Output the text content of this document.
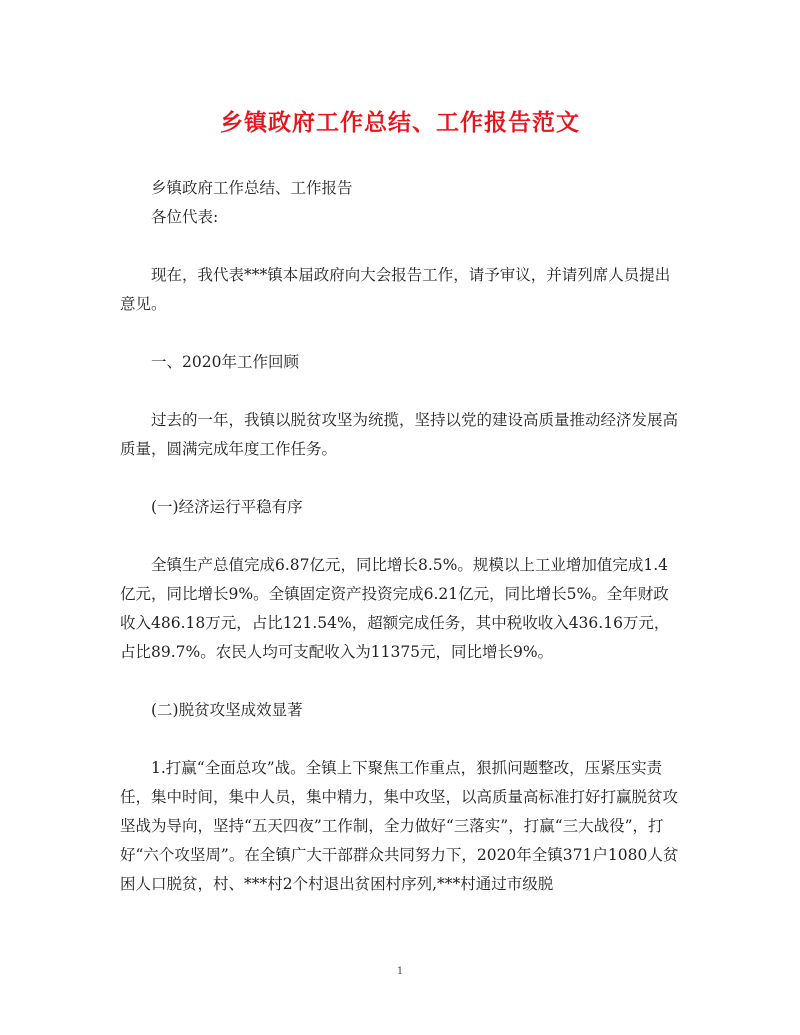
乡镇政府工作总结、工作报告范文

乡镇政府工作总结、工作报告

各位代表:

现在，我代表***镇本届政府向大会报告工作，请予审议，并请列席人员提出意见。

一、2020年工作回顾

过去的一年，我镇以脱贫攻坚为统揽，坚持以党的建设高质量推动经济发展高质量，圆满完成年度工作任务。

(一)经济运行平稳有序

全镇生产总值完成6.87亿元，同比增长8.5%。规模以上工业增加值完成1.4亿元，同比增长9%。全镇固定资产投资完成6.21亿元，同比增长5%。全年财政收入486.18万元，占比121.54%，超额完成任务，其中税收收入436.16万元，占比89.7%。农民人均可支配收入为11375元，同比增长9%。

(二)脱贫攻坚成效显著

1.打赢“全面总攻”战。全镇上下聚焦工作重点，狠抓问题整改，压紧压实责任，集中时间，集中人员，集中精力，集中攻坚，以高质量高标准打好打赢脱贫攻坚战为导向，坚持“五天四夜”工作制，全力做好“三落实”，打赢“三大战役”，打好“六个攻坚周”。在全镇广大干部群众共同努力下，2020年全镇371户1080人贫困人口脱贫，村、***村2个村退出贫困村序列,***村通过市级脱

1
